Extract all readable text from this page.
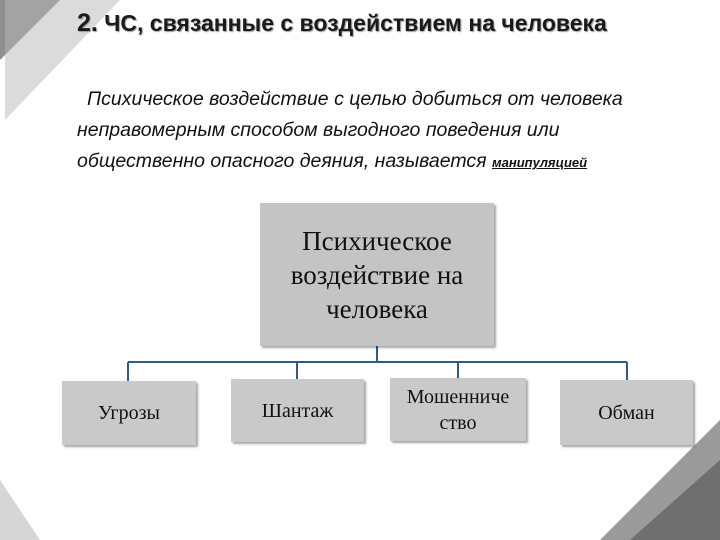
2. ЧС, связанные с воздействием на человека
Психическое воздействие с целью добиться от человека неправомерным способом выгодного поведения или общественно опасного деяния, называется манипуляцией
Психическое воздействие на человека
Угрозы	Шантаж
Мошенниче ство	Обман
